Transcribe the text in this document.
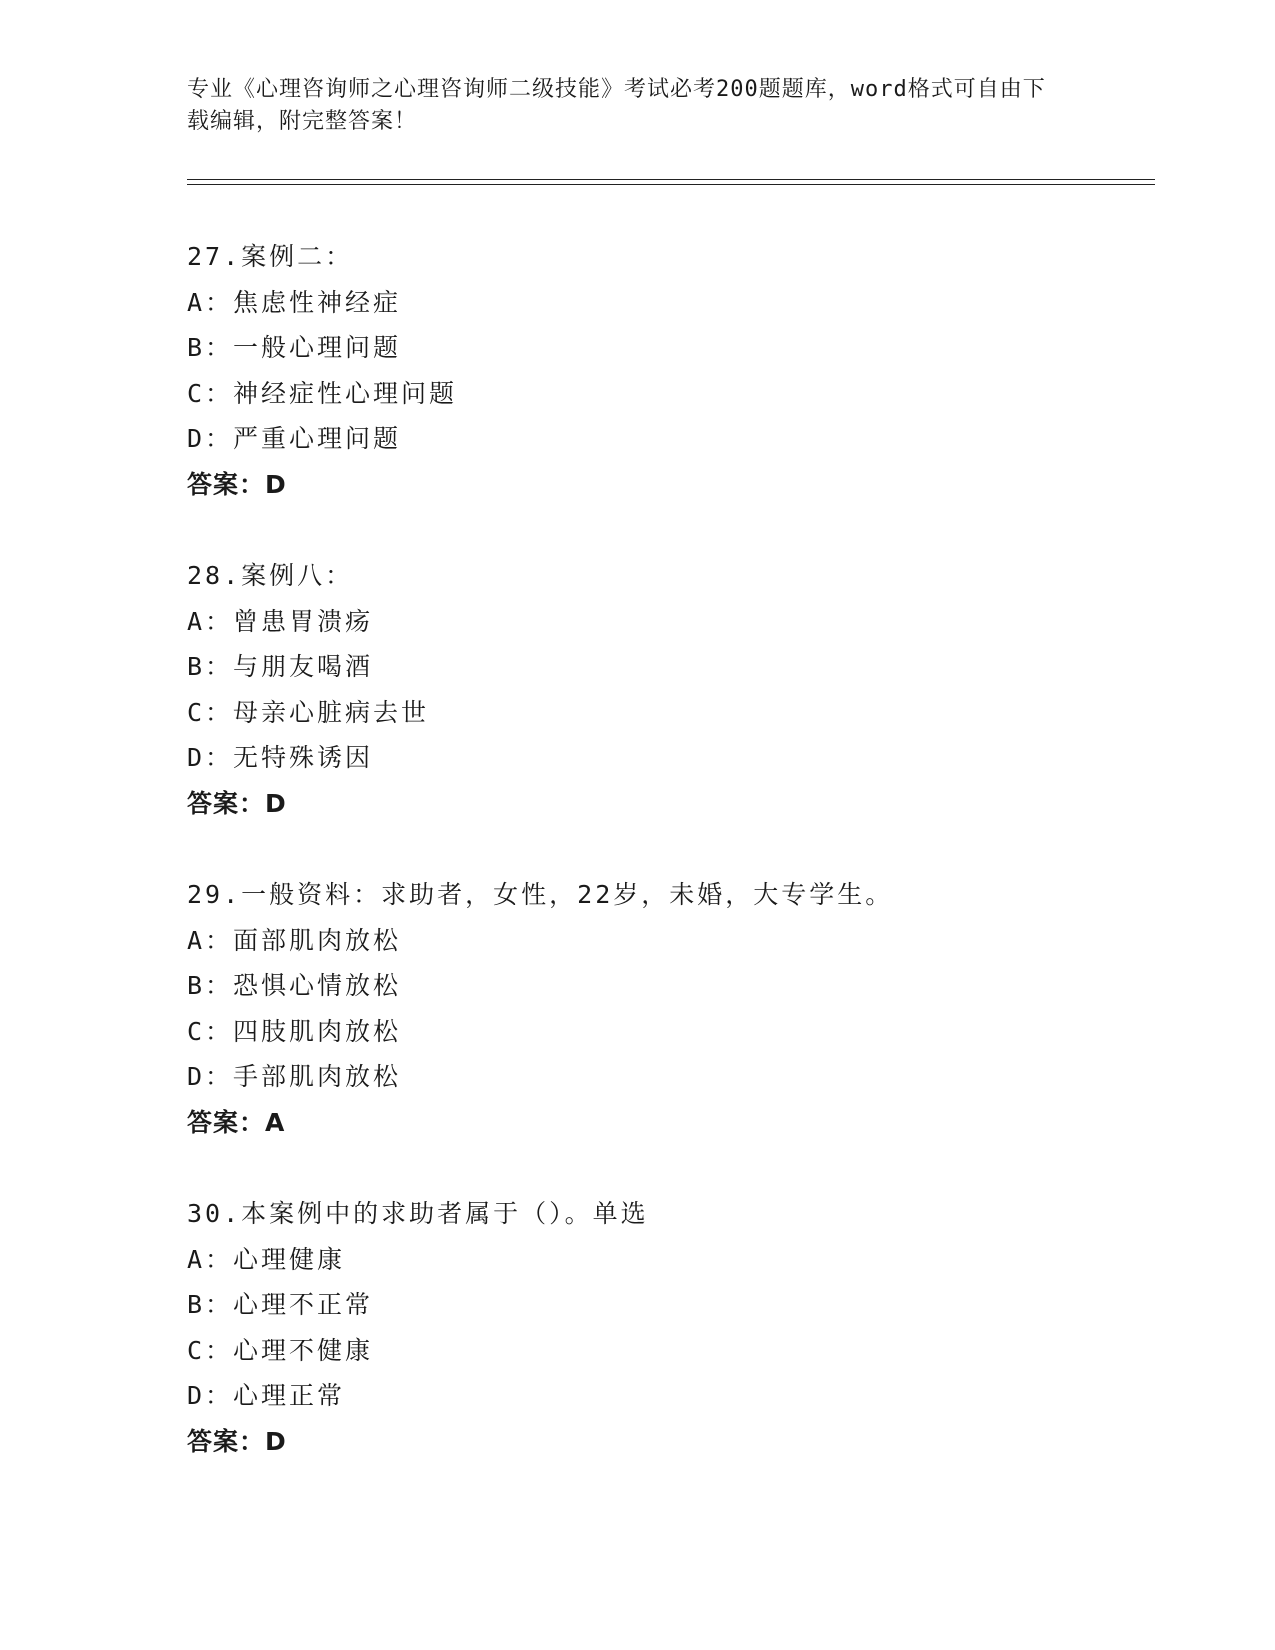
专业《心理咨询师之心理咨询师二级技能》考试必考200题题库，word格式可自由下载编辑，附完整答案！
27.案例二：
A：焦虑性神经症
B：一般心理问题
C：神经症性心理问题
D：严重心理问题
答案：D
28.案例八：
A：曾患胃溃疡
B：与朋友喝酒
C：母亲心脏病去世
D：无特殊诱因
答案：D
29.一般资料：求助者，女性，22岁，未婚，大专学生。
A：面部肌肉放松
B：恐惧心情放松
C：四肢肌肉放松
D：手部肌肉放松
答案：A
30.本案例中的求助者属于（）。单选
A：心理健康
B：心理不正常
C：心理不健康
D：心理正常
答案：D
